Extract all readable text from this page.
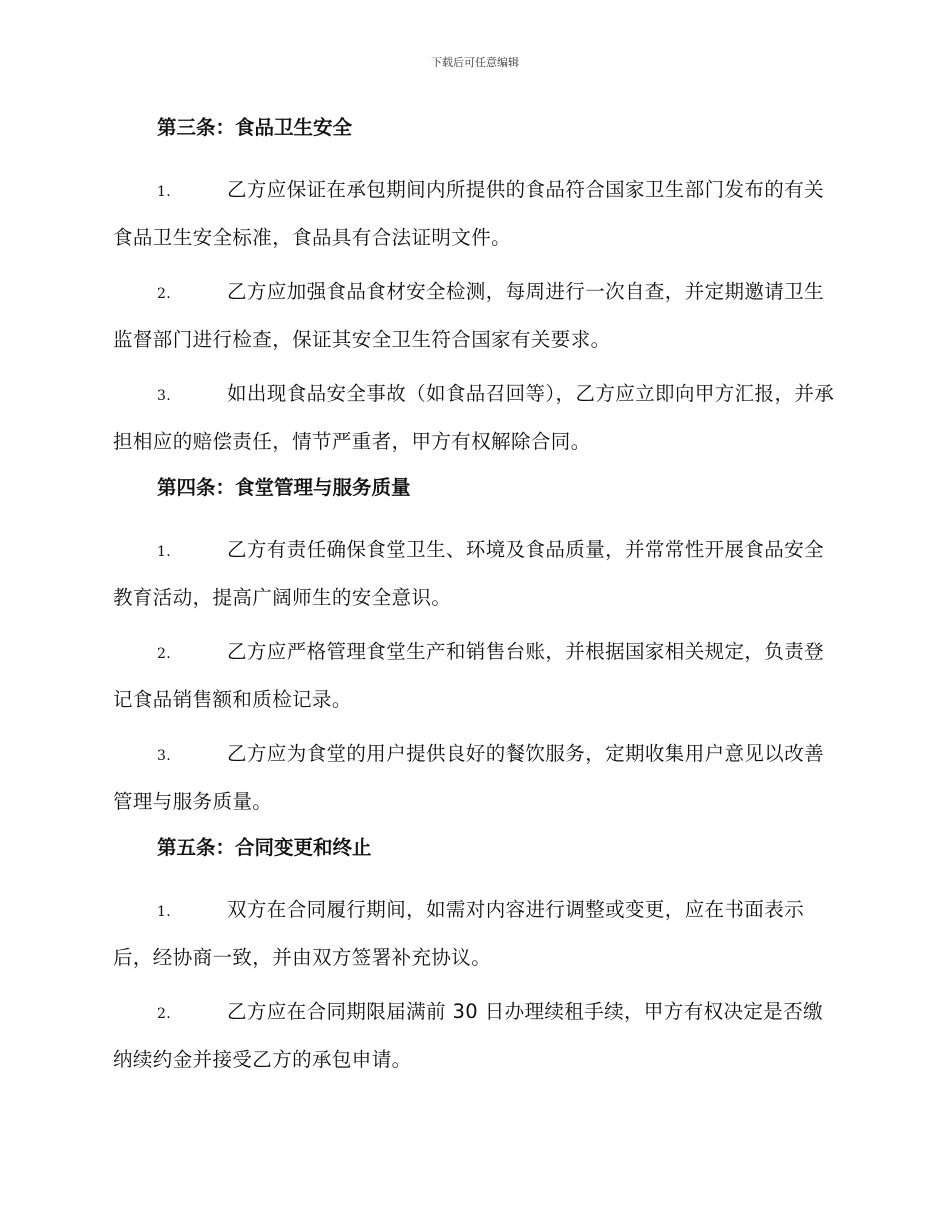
下载后可任意编辑
第三条：食品卫生安全

1.	乙方应保证在承包期间内所提供的食品符合国家卫生部门发布的有关食品卫生安全标准，食品具有合法证明文件。

2.	乙方应加强食品食材安全检测，每周进行一次自查，并定期邀请卫生监督部门进行检查，保证其安全卫生符合国家有关要求。

3.	如出现食品安全事故（如食品召回等），乙方应立即向甲方汇报，并承担相应的赔偿责任，情节严重者，甲方有权解除合同。

第四条：食堂管理与服务质量

1.	乙方有责任确保食堂卫生、环境及食品质量，并常常性开展食品安全教育活动，提高广阔师生的安全意识。

2.	乙方应严格管理食堂生产和销售台账，并根据国家相关规定，负责登记食品销售额和质检记录。

3.	乙方应为食堂的用户提供良好的餐饮服务，定期收集用户意见以改善管理与服务质量。

第五条：合同变更和终止

1.	双方在合同履行期间，如需对内容进行调整或变更，应在书面表示后，经协商一致，并由双方签署补充协议。

2.	乙方应在合同期限届满前 30 日办理续租手续，甲方有权决定是否缴纳续约金并接受乙方的承包申请。
